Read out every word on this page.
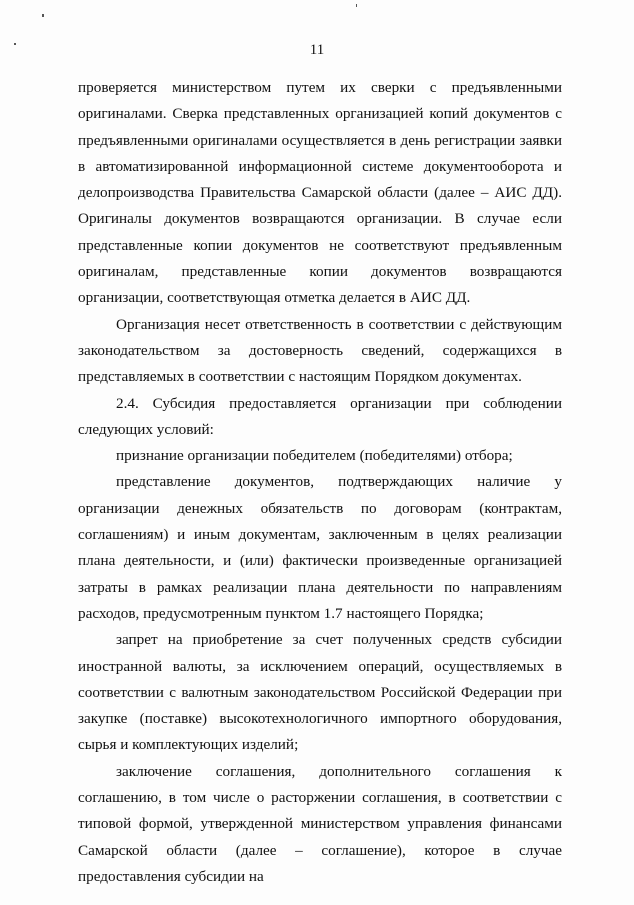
11

проверяется министерством путем их сверки с предъявленными оригиналами. Сверка представленных организацией копий документов с предъявленными оригиналами осуществляется в день регистрации заявки в автоматизированной информационной системе документооборота и делопроизводства Правительства Самарской области (далее – АИС ДД). Оригиналы документов возвращаются организации. В случае если представленные копии документов не соответствуют предъявленным оригиналам, представленные копии документов возвращаются организации, соответствующая отметка делается в АИС ДД.

Организация несет ответственность в соответствии с действующим законодательством за достоверность сведений, содержащихся в представляемых в соответствии с настоящим Порядком документах.

2.4. Субсидия предоставляется организации при соблюдении следующих условий:

признание организации победителем (победителями) отбора;

представление документов, подтверждающих наличие у организации денежных обязательств по договорам (контрактам, соглашениям) и иным документам, заключенным в целях реализации плана деятельности, и (или) фактически произведенные организацией затраты в рамках реализации плана деятельности по направлениям расходов, предусмотренным пунктом 1.7 настоящего Порядка;

запрет на приобретение за счет полученных средств субсидии иностранной валюты, за исключением операций, осуществляемых в соответствии с валютным законодательством Российской Федерации при закупке (поставке) высокотехнологичного импортного оборудования, сырья и комплектующих изделий;

заключение соглашения, дополнительного соглашения к соглашению, в том числе о расторжении соглашения, в соответствии с типовой формой, утвержденной министерством управления финансами Самарской области (далее – соглашение), которое в случае предоставления субсидии на
